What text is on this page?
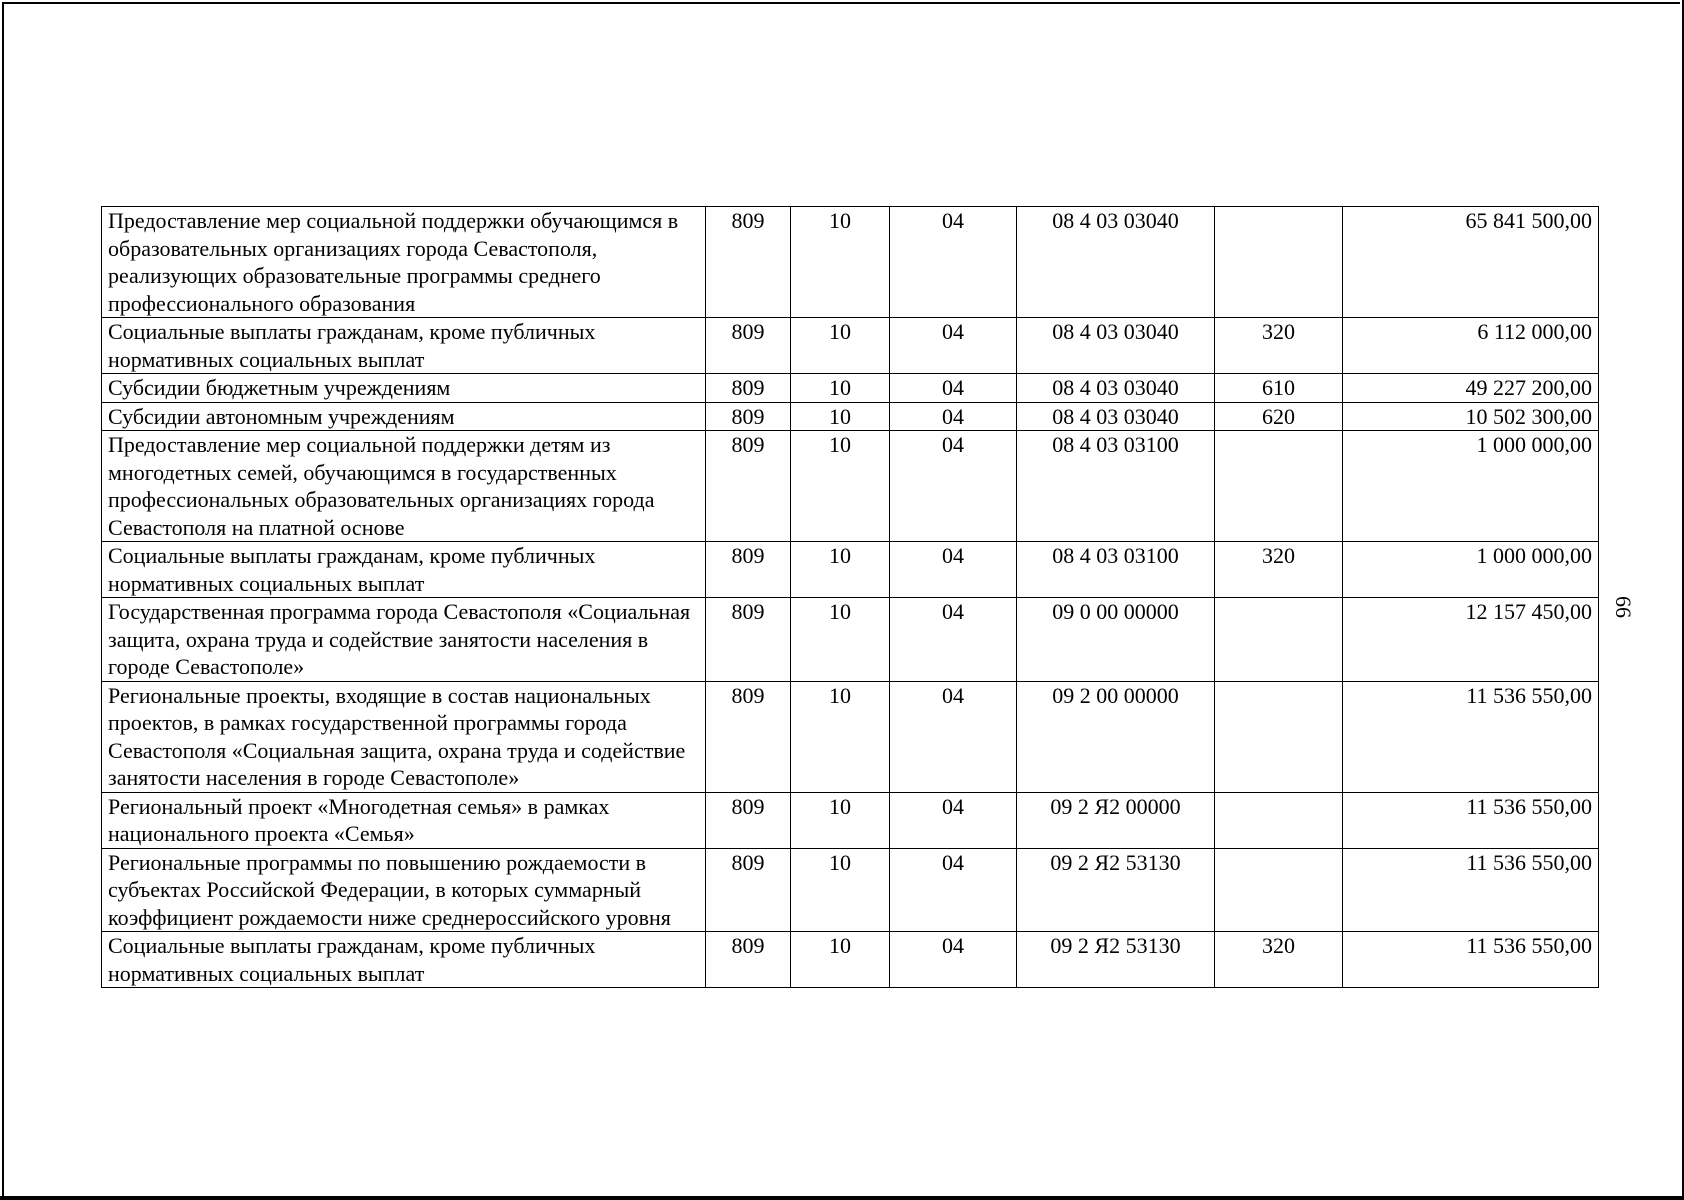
Предоставление мер социальной поддержки обучающимся в образовательных организациях города Севастополя, реализующих образовательные программы среднего профессионального образования	809	10	04	08 4 03 03040		65 841 500,00
Социальные выплаты гражданам, кроме публичных нормативных социальных выплат	809	10	04	08 4 03 03040	320	6 112 000,00
Субсидии бюджетным учреждениям	809	10	04	08 4 03 03040	610	49 227 200,00
Субсидии автономным учреждениям	809	10	04	08 4 03 03040	620	10 502 300,00
Предоставление мер социальной поддержки детям из многодетных семей, обучающимся в государственных профессиональных образовательных организациях города Севастополя на платной основе	809	10	04	08 4 03 03100		1 000 000,00
Социальные выплаты гражданам, кроме публичных нормативных социальных выплат	809	10	04	08 4 03 03100	320	1 000 000,00
Государственная программа города Севастополя «Социальная защита, охрана труда и содействие занятости населения в городе Севастополе»	809	10	04	09 0 00 00000		12 157 450,00
Региональные проекты, входящие в состав национальных проектов, в рамках государственной программы города Севастополя «Социальная защита, охрана труда и содействие занятости населения в городе Севастополе»	809	10	04	09 2 00 00000		11 536 550,00
Региональный проект «Многодетная семья» в рамках национального проекта «Семья»	809	10	04	09 2 Я2 00000		11 536 550,00
Региональные программы по повышению рождаемости в субъектах Российской Федерации, в которых суммарный коэффициент рождаемости ниже среднероссийского уровня	809	10	04	09 2 Я2 53130		11 536 550,00
Социальные выплаты гражданам, кроме публичных нормативных социальных выплат	809	10	04	09 2 Я2 53130	320	11 536 550,00
66
